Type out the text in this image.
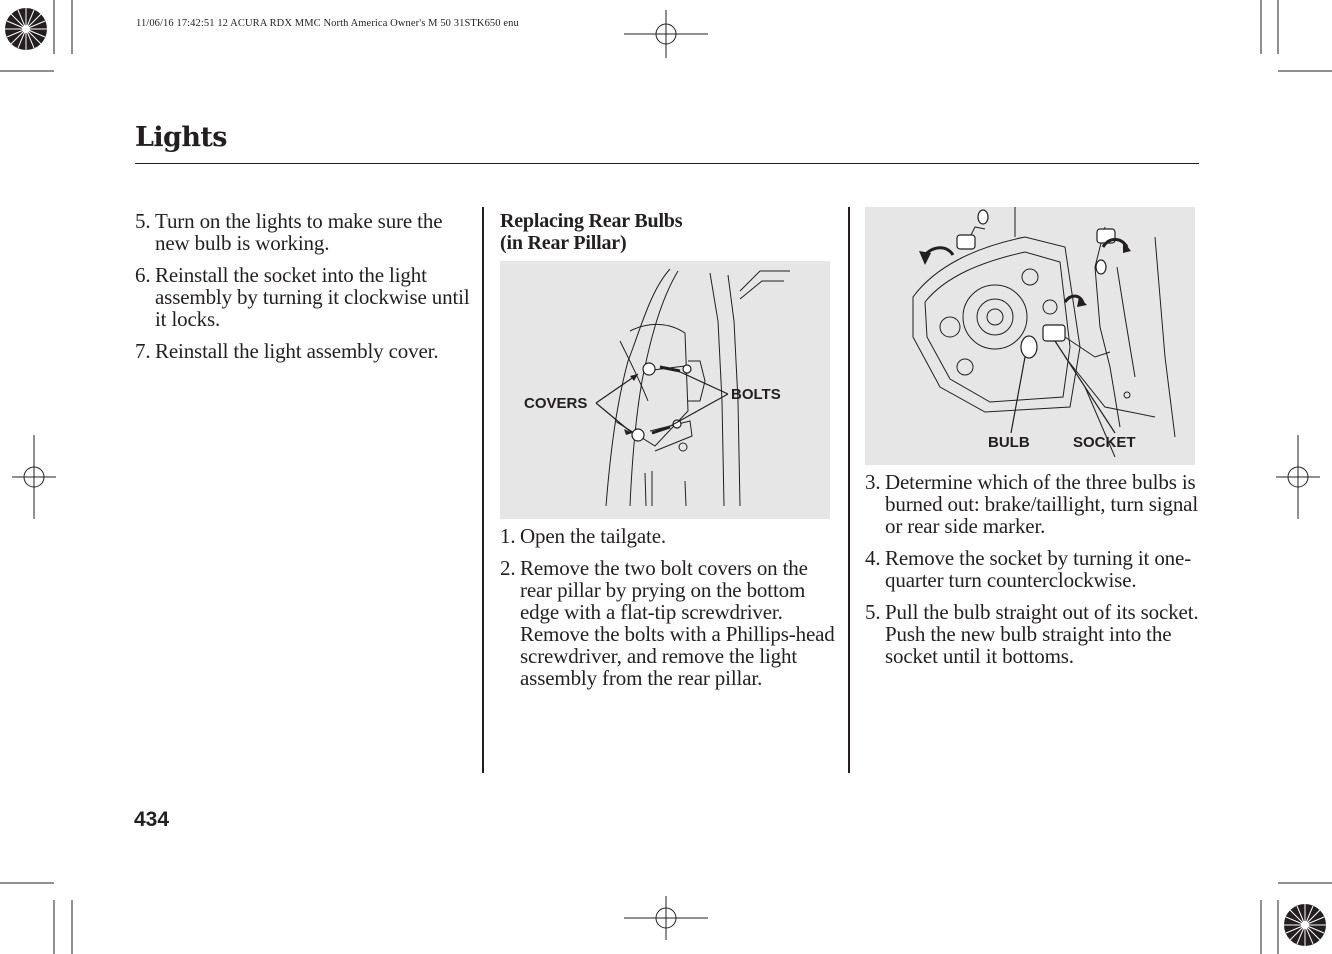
11/06/16 17:42:51 12 ACURA RDX MMC North America Owner's M 50 31STK650 enu
Lights
5. Turn on the lights to make sure the new bulb is working.
6. Reinstall the socket into the light assembly by turning it clockwise until it locks.
7. Reinstall the light assembly cover.
Replacing Rear Bulbs
(in Rear Pillar)
COVERS
BOLTS
1. Open the tailgate.
2. Remove the two bolt covers on the rear pillar by prying on the bottom edge with a flat-tip screwdriver. Remove the bolts with a Phillips-head screwdriver, and remove the light assembly from the rear pillar.
BULB	SOCKET
3. Determine which of the three bulbs is burned out: brake/taillight, turn signal or rear side marker.
4. Remove the socket by turning it one-quarter turn counterclockwise.
5. Pull the bulb straight out of its socket. Push the new bulb straight into the socket until it bottoms.
434
